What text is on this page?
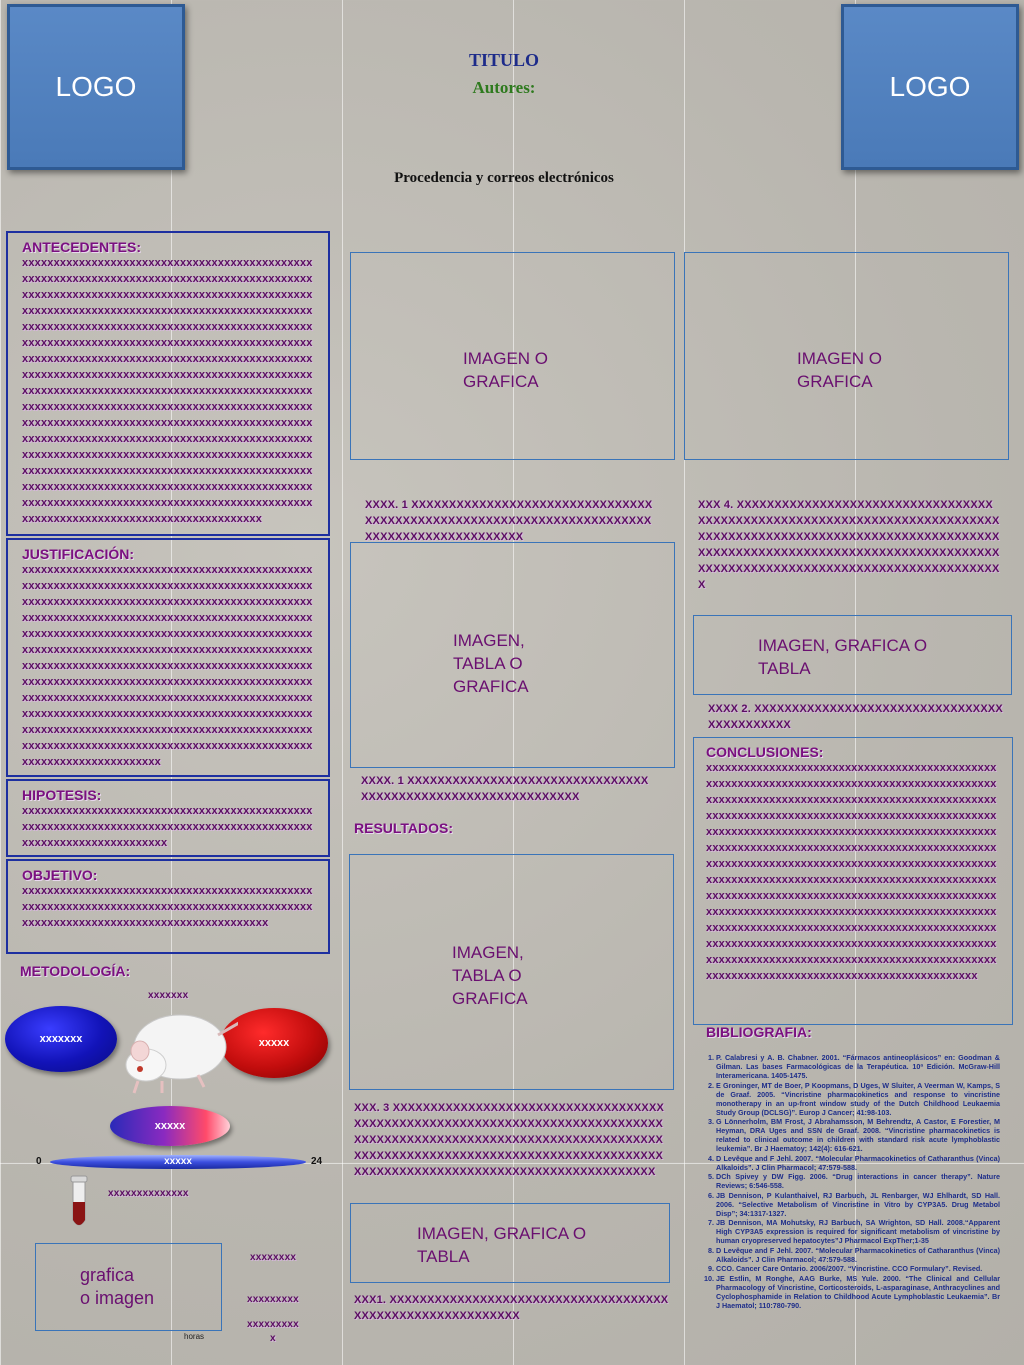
LOGO	LOGO
TITULO
Autores:
Procedencia y correos electrónicos
ANTECEDENTES:
xxxxxxxxxxxxxxxxxxxxxxxxxxxxxxxxxxxxxxxxxxxxxxxxxxxxxxxxxxxxxxxxxxxxxxxxxxxxxxxxxxxxxxxxxxxxxxxxxxxxxxxxxxxxxxxxxxxxxxxxxxxxxxxxxxxxxxxxxxxxxxxxxxxxxxxxxxxxxxxxxxxxxxxxxxxxxxxxxxxxxxxxxxxxxxxxxxxxxxxxxxxxxxxxxxxxxxxxxxxxxxxxxxxxxxxxxxxxxxxxxxxxxxxxxxxxxxxxxxxxxxxxxxxxxxxxxxxxxxxxxxxxxxxxxxxxxxxxxxxxxxxxxxxxxxxxxxxxxxxxxxxxxxxxxxxxxxxxxxxxxxxxxxxxxxxxxxxxxxxxxxxxxxxxxxxxxxxxxxxxxxxxxxxxxxxxxxxxxxxxxxxxxxxxxxxxxxxxxxxxxxxxxxxxxxxxxxxxxxxxxxxxxxxxxxxxxxxxxxxxxxxxxxxxxxxxxxxxxxxxxxxxxxxxxxxxxxxxxxxxxxxxxxxxxxxxxxxxxxxxxxxxxxxxxxxxxxxxxxxxxxxxxxxxxxxxxxxxxxxxxxxxxxxxxxxxxxxxxxxxxxxxxxxxxxxxxxxxxxxxxxxxxxxxxxxxxxxxxxxxxxxxxxxxxxxxxxxxxxxxxxxxxxxxxxxxxxxxxxxxxxxxxxxxxxxxxxxxxxxxxxxxxxxxxxxxxxxxxxxxxxxxxxxxxxxxxxxxxxxxxxxxxxxxxxxxxxxxxxxxxxxxxxxxxxxxxxxxxxxxxxxxxxxxxxxxxx
JUSTIFICACIÓN:
xxxxxxxxxxxxxxxxxxxxxxxxxxxxxxxxxxxxxxxxxxxxxxxxxxxxxxxxxxxxxxxxxxxxxxxxxxxxxxxxxxxxxxxxxxxxxxxxxxxxxxxxxxxxxxxxxxxxxxxxxxxxxxxxxxxxxxxxxxxxxxxxxxxxxxxxxxxxxxxxxxxxxxxxxxxxxxxxxxxxxxxxxxxxxxxxxxxxxxxxxxxxxxxxxxxxxxxxxxxxxxxxxxxxxxxxxxxxxxxxxxxxxxxxxxxxxxxxxxxxxxxxxxxxxxxxxxxxxxxxxxxxxxxxxxxxxxxxxxxxxxxxxxxxxxxxxxxxxxxxxxxxxxxxxxxxxxxxxxxxxxxxxxxxxxxxxxxxxxxxxxxxxxxxxxxxxxxxxxxxxxxxxxxxxxxxxxxxxxxxxxxxxxxxxxxxxxxxxxxxxxxxxxxxxxxxxxxxxxxxxxxxxxxxxxxxxxxxxxxxxxxxxxxxxxxxxxxxxxxxxxxxxxxxxxxxxxxxxxxxxxxxxxxxxxxxxxxxxxxxxxxxxxxxxxxxxxxxxxxxxxxxxxxxxxxxxxxxxxxxxxxxxxxxxxxxxx
HIPOTESIS:
xxxxxxxxxxxxxxxxxxxxxxxxxxxxxxxxxxxxxxxxxxxxxxxxxxxxxxxxxxxxxxxxxxxxxxxxxxxxxxxxxxxxxxxxxxxxxxxxxxxxxxxxxxxxxxxxxxx
OBJETIVO:
xxxxxxxxxxxxxxxxxxxxxxxxxxxxxxxxxxxxxxxxxxxxxxxxxxxxxxxxxxxxxxxxxxxxxxxxxxxxxxxxxxxxxxxxxxxxxxxxxxxxxxxxxxxxxxxxxxxxxxxxxxxxxxxxxxx
METODOLOGÍA:
xxxxxxx
xxxxxxx	xxxxx
xxxxx
0	xxxxx	24
xxxxxxxxxxxxxx
grafica
o imagen
horas
xxxxxxxx
xxxxxxxxx
xxxxxxxxx
x
IMAGEN O
GRAFICA
XXXX. 1 XXXXXXXXXXXXXXXXXXXXXXXXXXXXXXXXXXXXXXXXXXXXXXXXXXXXXXXXXXXXXXXXXXXXXXXXXXXXXXXXXXXXXXXXXXX
IMAGEN,
TABLA O
GRAFICA
XXXX. 1 XXXXXXXXXXXXXXXXXXXXXXXXXXXXXXXXXXXXXXXXXXXXXXXXXXXXXXXXXXXXX
RESULTADOS:
IMAGEN,
TABLA O
GRAFICA
XXX. 3 XXXXXXXXXXXXXXXXXXXXXXXXXXXXXXXXXXXXXXXXXXXXXXXXXXXXXXXXXXXXXXXXXXXXXXXXXXXXXXXXXXXXXXXXXXXXXXXXXXXXXXXXXXXXXXXXXXXXXXXXXXXXXXXXXXXXXXXXXXXXXXXXXXXXXXXXXXXXXXXXXXXXXXXXXXXXXXXXXXXXXXXXXXXXXXXXXXXXXXX
IMAGEN, GRAFICA O
TABLA
XXX1. XXXXXXXXXXXXXXXXXXXXXXXXXXXXXXXXXXXXXXXXXXXXXXXXXXXXXXXXXXX
IMAGEN O
GRAFICA
XXX 4. XXXXXXXXXXXXXXXXXXXXXXXXXXXXXXXXXXXXXXXXXXXXXXXXXXXXXXXXXXXXXXXXXXXXXXXXXXXXXXXXXXXXXXXXXXXXXXXXXXXXXXXXXXXXXXXXXXXXXXXXXXXXXXXXXXXXXXXXXXXXXXXXXXXXXXXXXXXXXXXXXXXXXXXXXXXXXXXXXXXXXXXXXXXXXXXXXXX
IMAGEN, GRAFICA O
TABLA
XXXX 2. XXXXXXXXXXXXXXXXXXXXXXXXXXXXXXXXXXXXXXXXXXXX
CONCLUSIONES:
xxxxxxxxxxxxxxxxxxxxxxxxxxxxxxxxxxxxxxxxxxxxxxxxxxxxxxxxxxxxxxxxxxxxxxxxxxxxxxxxxxxxxxxxxxxxxxxxxxxxxxxxxxxxxxxxxxxxxxxxxxxxxxxxxxxxxxxxxxxxxxxxxxxxxxxxxxxxxxxxxxxxxxxxxxxxxxxxxxxxxxxxxxxxxxxxxxxxxxxxxxxxxxxxxxxxxxxxxxxxxxxxxxxxxxxxxxxxxxxxxxxxxxxxxxxxxxxxxxxxxxxxxxxxxxxxxxxxxxxxxxxxxxxxxxxxxxxxxxxxxxxxxxxxxxxxxxxxxxxxxxxxxxxxxxxxxxxxxxxxxxxxxxxxxxxxxxxxxxxxxxxxxxxxxxxxxxxxxxxxxxxxxxxxxxxxxxxxxxxxxxxxxxxxxxxxxxxxxxxxxxxxxxxxxxxxxxxxxxxxxxxxxxxxxxxxxxxxxxxxxxxxxxxxxxxxxxxxxxxxxxxxxxxxxxxxxxxxxxxxxxxxxxxxxxxxxxxxxxxxxxxxxxxxxxxxxxxxxxxxxxxxxxxxxxxxxxxxxxxxxxxxxxxxxxxxxxxxxxxxxxxxxxxxxxxxxxxxxxxxxxxxxxxxxxxxxxxxxxxxxxxxxxxxxxxxxxxxxxxxx
BIBLIOGRAFIA:
1. P. Calabresi y A. B. Chabner. 2001. “Fármacos antineoplásicos” en: Goodman & Gilman. Las bases Farmacológicas de la Terapéutica. 10ª Edición. McGraw-Hill Interamericana. 1405-1475.
2. E Groninger, MT de Boer, P Koopmans, D Uges, W Sluiter, A Veerman W, Kamps, S de Graaf. 2005. “Vincristine pharmacokinetics and response to vincristine monotherapy in an up-front window study of the Dutch Childhood Leukaemia Study Group (DCLSG)”. Europ J Cancer; 41:98-103.
3. G Lönnerholm, BM Frost, J Abrahamsson, M Behrendtz, A Castor, E Forestier, M Heyman, DRA Uges and SSN de Graaf. 2008. “Vincristine pharmacokinetics is related to clinical outcome in children with standard risk acute lymphoblastic leukemia”. Br J Haematoy; 142(4): 616-621.
4. D Levêque and F Jehl. 2007. “Molecular Pharmacokinetics of Catharanthus (Vinca) Alkaloids”. J Clin Pharmacol; 47:579-588.
5. DCh Spivey y DW Figg. 2006. “Drug interactions in cancer therapy”. Nature Reviews; 6:546-558.
6. JB Dennison, P Kulanthaivel, RJ Barbuch, JL Renbarger, WJ Ehlhardt, SD Hall. 2006. “Selective Metabolism of Vincristine in Vitro by CYP3A5. Drug Metabol Disp”; 34:1317-1327.
7. JB Dennison, MA Mohutsky, RJ Barbuch, SA Wrighton, SD Hall. 2008.“Apparent High CYP3A5 expression is required for significant metabolism of vincristine by human cryopreserved hepatocytes”J Pharmacol ExpTher;1-35
8. D Levêque and F Jehl. 2007. “Molecular Pharmacokinetics of Catharanthus (Vinca) Alkaloids”. J Clin Pharmacol; 47:579-588.
9. CCO. Cancer Care Ontario. 2006/2007. “Vincristine. CCO Formulary”. Revised.
10. JE Estlin, M Ronghe, AAG Burke, MS Yule. 2000. “The Clinical and Cellular Pharmacology of Vincristine, Corticosteroids, L-asparaginase, Anthracyclines and Cyclophosphamide in Relation to Childhood Acute Lymphoblastic Leukaemia”. Br J Haematol; 110:780-790.
